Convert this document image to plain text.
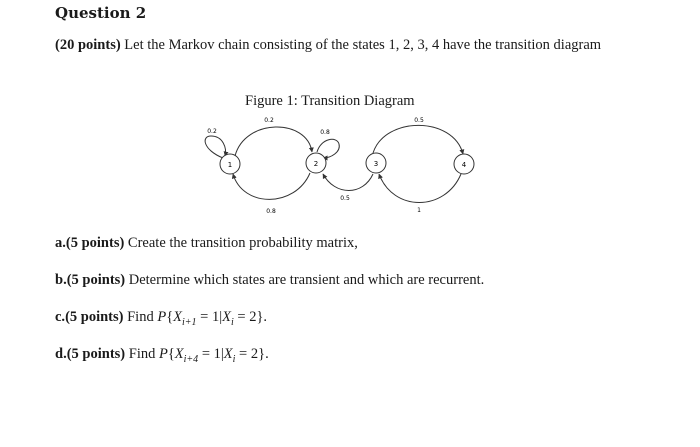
Question 2
(20 points) Let the Markov chain consisting of the states 1, 2, 3, 4 have the transition diagram
Figure 1: Transition Diagram
1	2	3	4
0.2
0.2
0.8
0.5
0.8
0.5
1
a.(5 points) Create the transition probability matrix,
b.(5 points) Determine which states are transient and which are recurrent.
c.(5 points) Find $P\{X_{i+1} = 1|X_i = 2\}$.
d.(5 points) Find $P\{X_{i+4} = 1|X_i = 2\}$.
